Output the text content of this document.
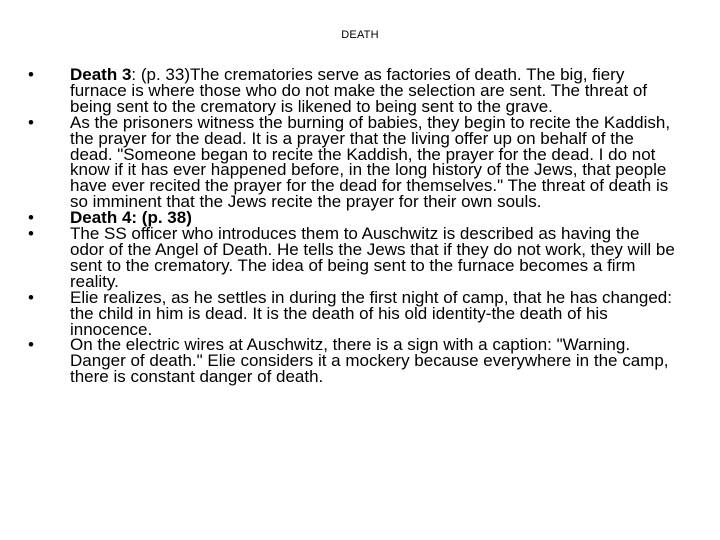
DEATH
• Death 3: (p. 33)The crematories serve as factories of death. The big, fiery furnace is where those who do not make the selection are sent. The threat of being sent to the crematory is likened to being sent to the grave.
• As the prisoners witness the burning of babies, they begin to recite the Kaddish, the prayer for the dead. It is a prayer that the living offer up on behalf of the dead. "Someone began to recite the Kaddish, the prayer for the dead. I do not know if it has ever happened before, in the long history of the Jews, that people have ever recited the prayer for the dead for themselves." The threat of death is so imminent that the Jews recite the prayer for their own souls.
• Death 4: (p. 38)
• The SS officer who introduces them to Auschwitz is described as having the odor of the Angel of Death. He tells the Jews that if they do not work, they will be sent to the crematory. The idea of being sent to the furnace becomes a firm reality.
• Elie realizes, as he settles in during the first night of camp, that he has changed: the child in him is dead. It is the death of his old identity-the death of his innocence.
• On the electric wires at Auschwitz, there is a sign with a caption: "Warning. Danger of death." Elie considers it a mockery because everywhere in the camp, there is constant danger of death.
